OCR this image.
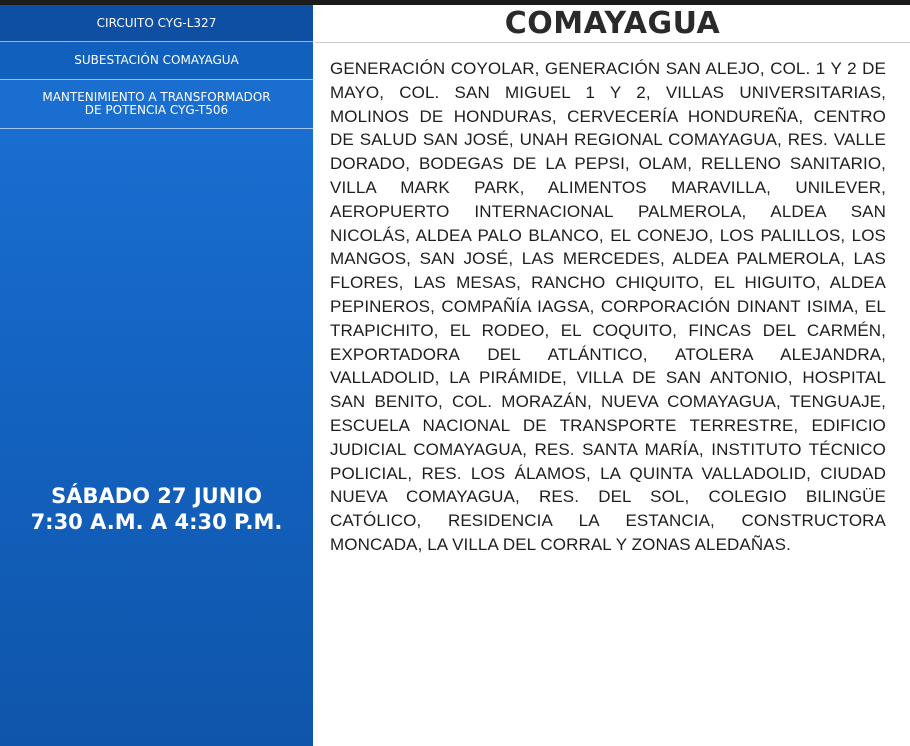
CIRCUITO CYG-L327
SUBESTACIÓN COMAYAGUA
MANTENIMIENTO A TRANSFORMADOR
DE POTENCIA CYG-T506
SÁBADO 27 JUNIO
7:30 A.M. A 4:30 P.M.
COMAYAGUA
GENERACIÓN COYOLAR, GENERACIÓN SAN ALEJO, COL. 1 Y 2 DE MAYO, COL. SAN MIGUEL 1 Y 2, VILLAS UNIVERSITARIAS, MOLINOS DE HONDURAS, CERVECERÍA HONDUREÑA, CENTRO DE SALUD SAN JOSÉ, UNAH REGIONAL COMAYAGUA, RES. VALLE DORADO, BODEGAS DE LA PEPSI, OLAM, RELLENO SANITARIO, VILLA MARK PARK, ALIMENTOS MARAVILLA, UNILEVER, AEROPUERTO INTERNACIONAL PALMEROLA, ALDEA SAN NICOLÁS, ALDEA PALO BLANCO, EL CONEJO, LOS PALILLOS, LOS MANGOS, SAN JOSÉ, LAS MERCEDES, ALDEA PALMEROLA, LAS FLORES, LAS MESAS, RANCHO CHIQUITO, EL HIGUITO, ALDEA PEPINEROS, COMPAÑÍA IAGSA, CORPORACIÓN DINANT ISIMA, EL TRAPICHITO, EL RODEO, EL COQUITO, FINCAS DEL CARMÉN, EXPORTADORA DEL ATLÁNTICO, ATOLERA ALEJANDRA, VALLADOLID, LA PIRÁMIDE, VILLA DE SAN ANTONIO, HOSPITAL SAN BENITO, COL. MORAZÁN, NUEVA COMAYAGUA, TENGUAJE, ESCUELA NACIONAL DE TRANSPORTE TERRESTRE, EDIFICIO JUDICIAL COMAYAGUA, RES. SANTA MARÍA, INSTITUTO TÉCNICO POLICIAL, RES. LOS ÁLAMOS, LA QUINTA VALLADOLID, CIUDAD NUEVA COMAYAGUA, RES. DEL SOL, COLEGIO BILINGÜE CATÓLICO, RESIDENCIA LA ESTANCIA, CONSTRUCTORA MONCADA, LA VILLA DEL CORRAL Y ZONAS ALEDAÑAS.
